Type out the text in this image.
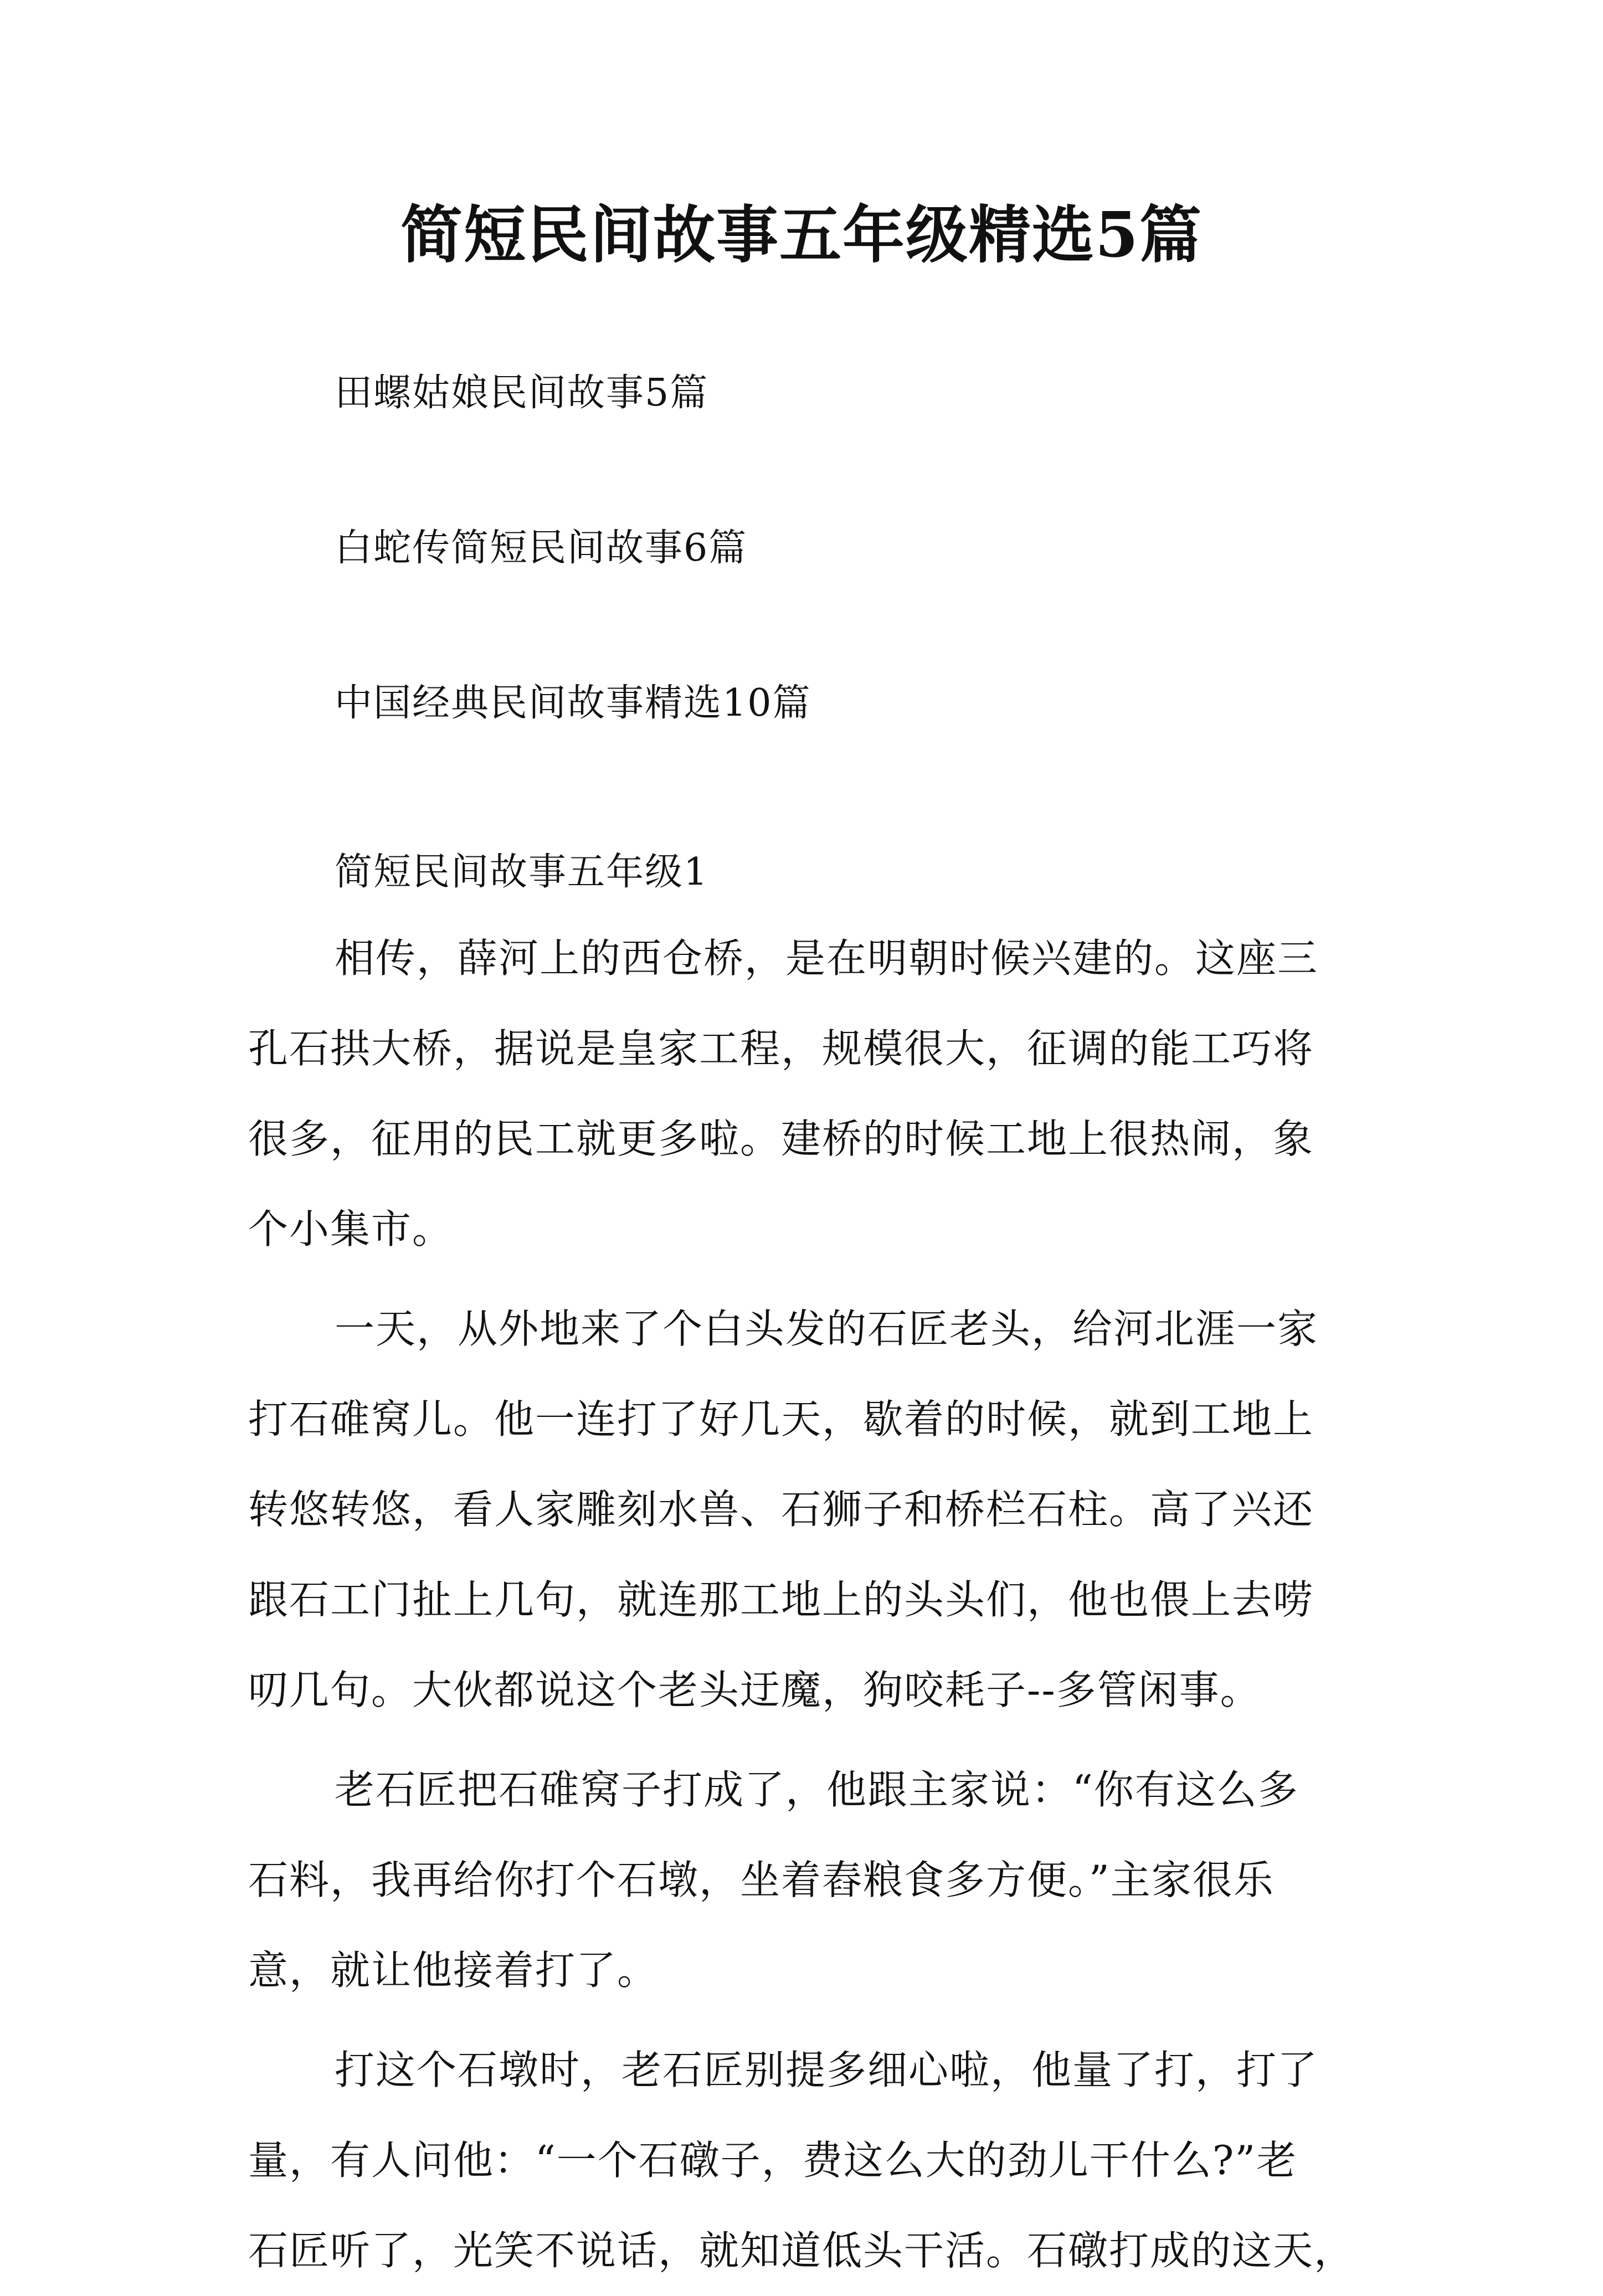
简短民间故事五年级精选5篇
田螺姑娘民间故事5篇
白蛇传简短民间故事6篇
中国经典民间故事精选10篇
简短民间故事五年级1
相传，薛河上的西仓桥，是在明朝时候兴建的。这座三
孔石拱大桥，据说是皇家工程，规模很大，征调的能工巧将
很多，征用的民工就更多啦。建桥的时候工地上很热闹，象
个小集市。
一天，从外地来了个白头发的石匠老头，给河北涯一家
打石碓窝儿。他一连打了好几天，歇着的时候，就到工地上
转悠转悠，看人家雕刻水兽、石狮子和桥栏石柱。高了兴还
跟石工门扯上几句，就连那工地上的头头们，他也偎上去唠
叨几句。大伙都说这个老头迂魔，狗咬耗子--多管闲事。
老石匠把石碓窝子打成了，他跟主家说：“你有这么多
石料，我再给你打个石墩，坐着舂粮食多方便。”主家很乐
意，就让他接着打了。
打这个石墩时，老石匠别提多细心啦，他量了打，打了
量，有人问他：“一个石礅子，费这么大的劲儿干什么?”老
石匠听了，光笑不说话，就知道低头干活。石礅打成的这天，
